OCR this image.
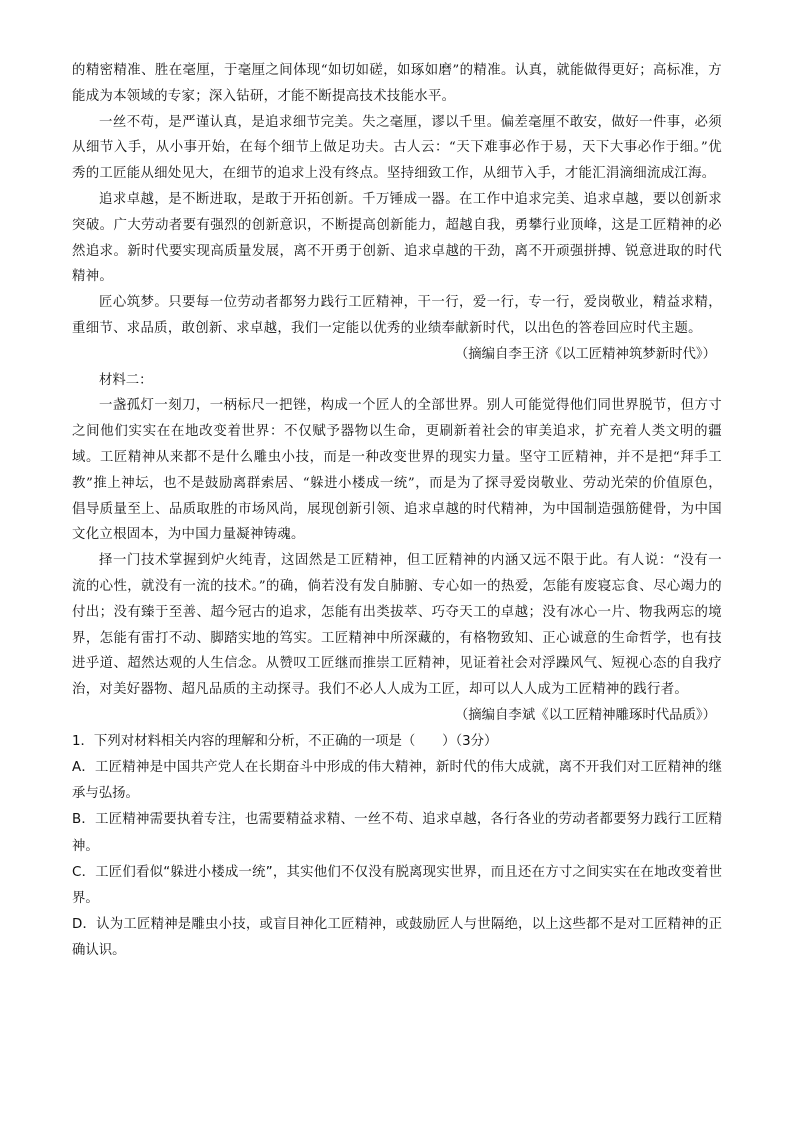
的精密精准、胜在毫厘，于毫厘之间体现“如切如磋，如琢如磨”的精准。认真，就能做得更好；高标准，方能成为本领域的专家；深入钻研，才能不断提高技术技能水平。

一丝不苟，是严谨认真，是追求细节完美。失之毫厘，谬以千里。偏差毫厘不敢安，做好一件事，必须从细节入手，从小事开始，在每个细节上做足功夫。古人云：“天下难事必作于易，天下大事必作于细。”优秀的工匠能从细处见大，在细节的追求上没有终点。坚持细致工作，从细节入手，才能汇涓滴细流成江海。

追求卓越，是不断进取，是敢于开拓创新。千万锤成一器。在工作中追求完美、追求卓越，要以创新求突破。广大劳动者要有强烈的创新意识，不断提高创新能力，超越自我，勇攀行业顶峰，这是工匠精神的必然追求。新时代要实现高质量发展，离不开勇于创新、追求卓越的干劲，离不开顽强拼搏、锐意进取的时代精神。

匠心筑梦。只要每一位劳动者都努力践行工匠精神，干一行，爱一行，专一行，爱岗敬业，精益求精，重细节、求品质，敢创新、求卓越，我们一定能以优秀的业绩奉献新时代，以出色的答卷回应时代主题。

（摘编自李王济《以工匠精神筑梦新时代》）

材料二：

一盏孤灯一刻刀，一柄标尺一把锉，构成一个匠人的全部世界。别人可能觉得他们同世界脱节，但方寸之间他们实实在在地改变着世界：不仅赋予器物以生命，更刷新着社会的审美追求，扩充着人类文明的疆域。工匠精神从来都不是什么雕虫小技，而是一种改变世界的现实力量。坚守工匠精神，并不是把“拜手工教”推上神坛，也不是鼓励离群索居、“躲进小楼成一统”，而是为了探寻爱岗敬业、劳动光荣的价值原色，倡导质量至上、品质取胜的市场风尚，展现创新引领、追求卓越的时代精神，为中国制造强筋健骨，为中国文化立根固本，为中国力量凝神铸魂。

择一门技术掌握到炉火纯青，这固然是工匠精神，但工匠精神的内涵又远不限于此。有人说：“没有一流的心性，就没有一流的技术。”的确，倘若没有发自肺腑、专心如一的热爱，怎能有废寝忘食、尽心竭力的付出；没有臻于至善、超今冠古的追求，怎能有出类拔萃、巧夺天工的卓越；没有冰心一片、物我两忘的境界，怎能有雷打不动、脚踏实地的笃实。工匠精神中所深藏的，有格物致知、正心诚意的生命哲学，也有技进乎道、超然达观的人生信念。从赞叹工匠继而推崇工匠精神，见证着社会对浮躁风气、短视心态的自我疗治，对美好器物、超凡品质的主动探寻。我们不必人人成为工匠，却可以人人成为工匠精神的践行者。

（摘编自李斌《以工匠精神雕琢时代品质》）

1．下列对材料相关内容的理解和分析，不正确的一项是（　　）（3分）

A．工匠精神是中国共产党人在长期奋斗中形成的伟大精神，新时代的伟大成就，离不开我们对工匠精神的继承与弘扬。

B．工匠精神需要执着专注，也需要精益求精、一丝不苟、追求卓越，各行各业的劳动者都要努力践行工匠精神。

C．工匠们看似“躲进小楼成一统”，其实他们不仅没有脱离现实世界，而且还在方寸之间实实在在地改变着世界。

D．认为工匠精神是雕虫小技，或盲目神化工匠精神，或鼓励匠人与世隔绝，以上这些都不是对工匠精神的正确认识。
